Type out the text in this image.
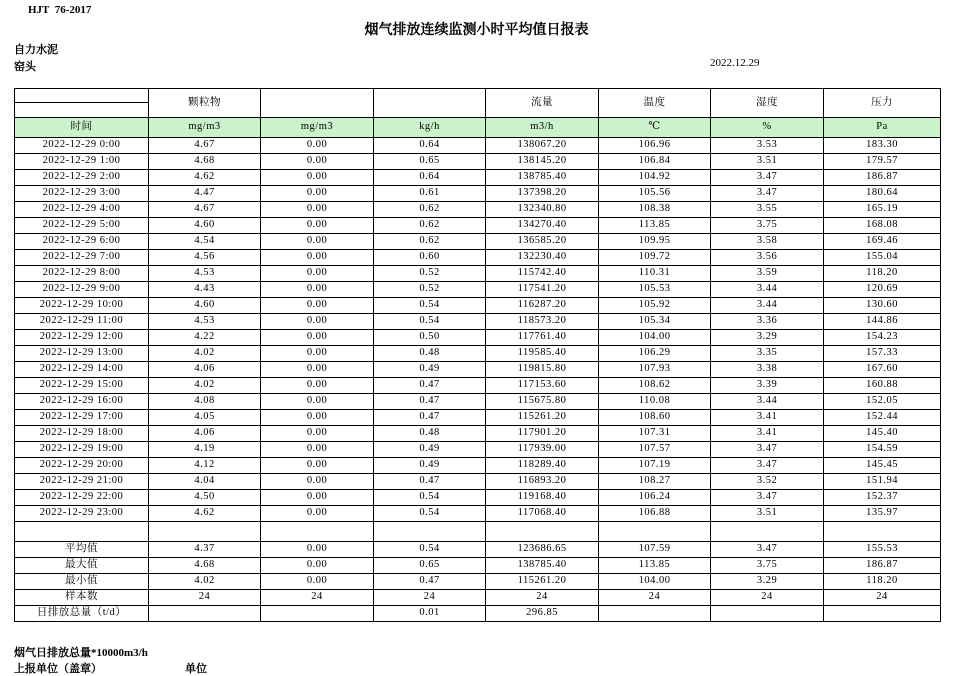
HJT  76-2017
烟气排放连续监测小时平均值日报表
自力水泥
窑头	2022.12.29
	颗粒物			流量	温度	湿度	压力

时间	mg/m3	mg/m3	kg/h	m3/h	℃	%	Pa
2022-12-29 0:00	4.67	0.00	0.64	138067.20	106.96	3.53	183.30
2022-12-29 1:00	4.68	0.00	0.65	138145.20	106.84	3.51	179.57
2022-12-29 2:00	4.62	0.00	0.64	138785.40	104.92	3.47	186.87
2022-12-29 3:00	4.47	0.00	0.61	137398.20	105.56	3.47	180.64
2022-12-29 4:00	4.67	0.00	0.62	132340.80	108.38	3.55	165.19
2022-12-29 5:00	4.60	0.00	0.62	134270.40	113.85	3.75	168.08
2022-12-29 6:00	4.54	0.00	0.62	136585.20	109.95	3.58	169.46
2022-12-29 7:00	4.56	0.00	0.60	132230.40	109.72	3.56	155.04
2022-12-29 8:00	4.53	0.00	0.52	115742.40	110.31	3.59	118.20
2022-12-29 9:00	4.43	0.00	0.52	117541.20	105.53	3.44	120.69
2022-12-29 10:00	4.60	0.00	0.54	116287.20	105.92	3.44	130.60
2022-12-29 11:00	4.53	0.00	0.54	118573.20	105.34	3.36	144.86
2022-12-29 12:00	4.22	0.00	0.50	117761.40	104.00	3.29	154.23
2022-12-29 13:00	4.02	0.00	0.48	119585.40	106.29	3.35	157.33
2022-12-29 14:00	4.06	0.00	0.49	119815.80	107.93	3.38	167.60
2022-12-29 15:00	4.02	0.00	0.47	117153.60	108.62	3.39	160.88
2022-12-29 16:00	4.08	0.00	0.47	115675.80	110.08	3.44	152.05
2022-12-29 17:00	4.05	0.00	0.47	115261.20	108.60	3.41	152.44
2022-12-29 18:00	4.06	0.00	0.48	117901.20	107.31	3.41	145.40
2022-12-29 19:00	4.19	0.00	0.49	117939.00	107.57	3.47	154.59
2022-12-29 20:00	4.12	0.00	0.49	118289.40	107.19	3.47	145.45
2022-12-29 21:00	4.04	0.00	0.47	116893.20	108.27	3.52	151.94
2022-12-29 22:00	4.50	0.00	0.54	119168.40	106.24	3.47	152.37
2022-12-29 23:00	4.62	0.00	0.54	117068.40	106.88	3.51	135.97

平均值	4.37	0.00	0.54	123686.65	107.59	3.47	155.53
最大值	4.68	0.00	0.65	138785.40	113.85	3.75	186.87
最小值	4.02	0.00	0.47	115261.20	104.00	3.29	118.20
样本数	24	24	24	24	24	24	24
日排放总量（t/d）			0.01	296.85			
烟气日排放总量*10000m3/h
上报单位（盖章）	单位
